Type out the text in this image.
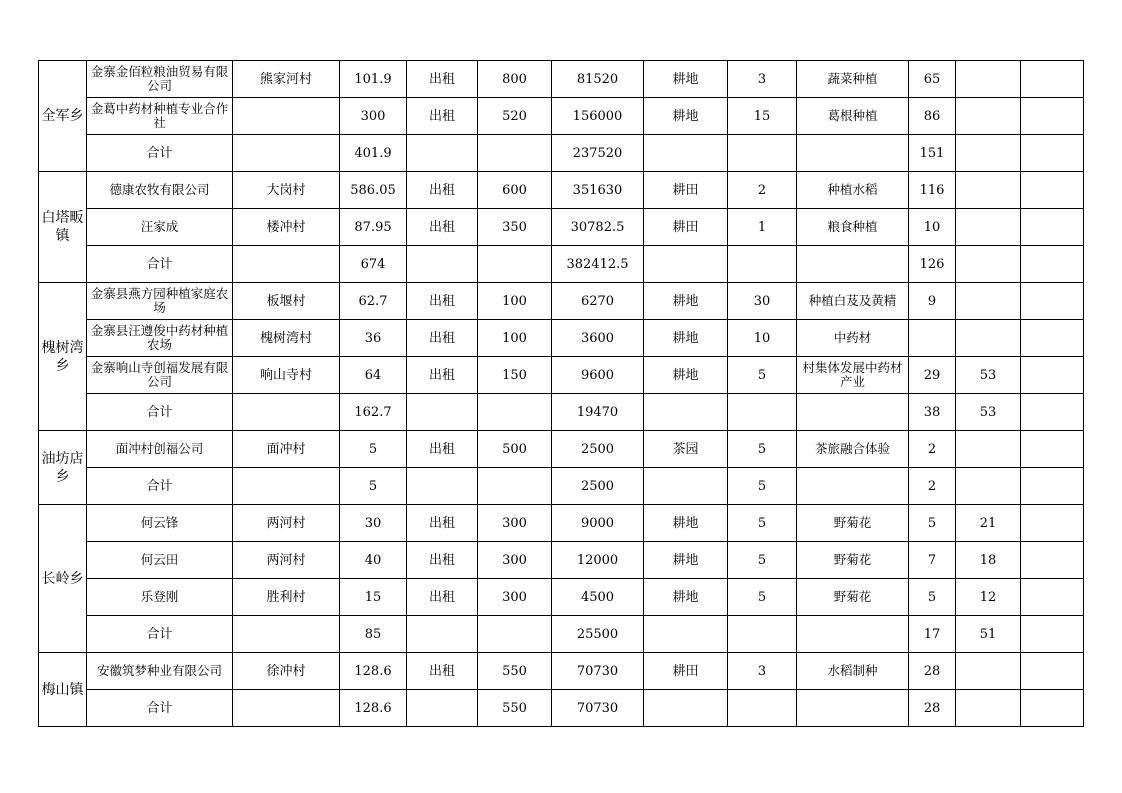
全军乡	金寨金佰粒粮油贸易有限公司	熊家河村	101.9	出租	800	81520	耕地	3	蔬菜种植	65		
	金葛中药材种植专业合作社		300	出租	520	156000	耕地	15	葛根种植	86		
	合计		401.9			237520				151		
白塔畈镇	德康农牧有限公司	大岗村	586.05	出租	600	351630	耕田	2	种植水稻	116		
	汪家成	楼冲村	87.95	出租	350	30782.5	耕田	1	粮食种植	10		
	合计		674			382412.5				126		
槐树湾乡	金寨县燕方园种植家庭农场	板堰村	62.7	出租	100	6270	耕地	30	种植白芨及黄精	9		
	金寨县汪遵俊中药材种植农场	槐树湾村	36	出租	100	3600	耕地	10	中药材			
	金寨响山寺创福发展有限公司	响山寺村	64	出租	150	9600	耕地	5	村集体发展中药材产业	29	53	
	合计		162.7			19470				38	53	
油坊店乡	面冲村创福公司	面冲村	5	出租	500	2500	茶园	5	茶旅融合体验	2		
	合计		5			2500		5		2		
长岭乡	何云锋	两河村	30	出租	300	9000	耕地	5	野菊花	5	21	
	何云田	两河村	40	出租	300	12000	耕地	5	野菊花	7	18	
	乐登刚	胜利村	15	出租	300	4500	耕地	5	野菊花	5	12	
	合计		85			25500				17	51	
梅山镇	安徽筑梦种业有限公司	徐冲村	128.6	出租	550	70730	耕田	3	水稻制种	28		
	合计		128.6		550	70730				28		
